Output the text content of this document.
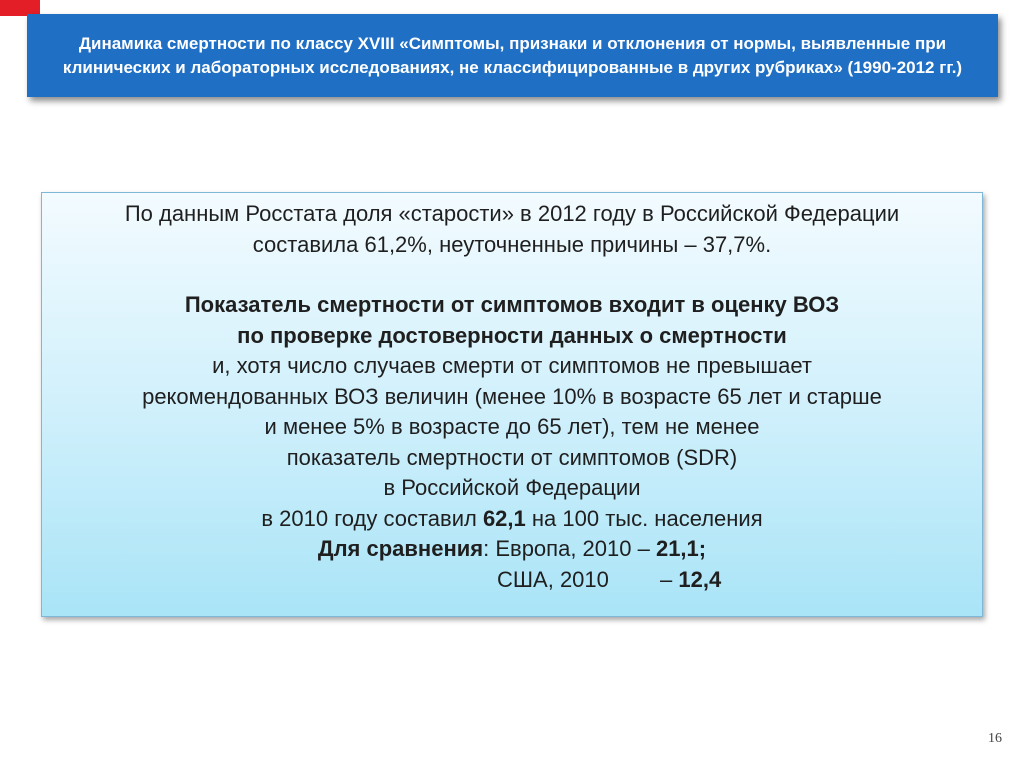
Динамика смертности по классу XVIII «Симптомы, признаки и отклонения от нормы, выявленные при клинических и лабораторных исследованиях, не классифицированные в других рубриках» (1990-2012 гг.)

По данным Росстата доля «старости» в 2012 году в Российской Федерации

составила 61,2%, неуточненные причины – 37,7%.

Показатель смертности от симптомов входит в оценку ВОЗ

по проверке достоверности данных о смертности

и, хотя число случаев смерти от симптомов не превышает

рекомендованных ВОЗ величин (менее 10% в возрасте 65 лет и старше

и менее 5% в возрасте до 65 лет), тем не менее

показатель смертности от симптомов (SDR)

в Российской Федерации

в 2010 году составил 62,1 на 100 тыс. населения

Для сравнения: Европа, 2010 – 21,1;

США, 2010 – 12,4
16
